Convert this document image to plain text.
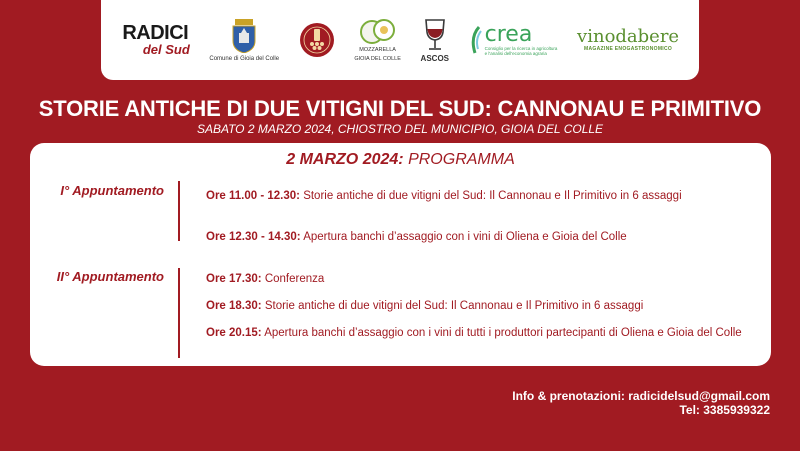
RADICI
del Sud
Comune di Gioia del Colle
MOZZARELLA
GIOIA DEL COLLE ASCOS
crea
Consiglio per la ricerca in agricoltura
e l'analisi dell'economia agraria
vinodabere
MAGAZINE ENOGASTRONOMICO
STORIE ANTICHE DI DUE VITIGNI DEL SUD: CANNONAU E PRIMITIVO
SABATO 2 MARZO 2024, CHIOSTRO DEL MUNICIPIO, GIOIA DEL COLLE
2 MARZO 2024: PROGRAMMA
I° Appuntamento	Ore 11.00 - 12.30: Storie antiche di due vitigni del Sud: Il Cannonau e Il Primitivo in 6 assaggi
Ore 12.30 - 14.30: Apertura banchi d’assaggio con i vini di Oliena e Gioia del Colle
II° Appuntamento	Ore 17.30: Conferenza
Ore 18.30: Storie antiche di due vitigni del Sud: Il Cannonau e Il Primitivo in 6 assaggi
Ore 20.15: Apertura banchi d’assaggio con i vini di tutti i produttori partecipanti di Oliena e Gioia del Colle
Info & prenotazioni: radicidelsud@gmail.com
Tel: 3385939322
